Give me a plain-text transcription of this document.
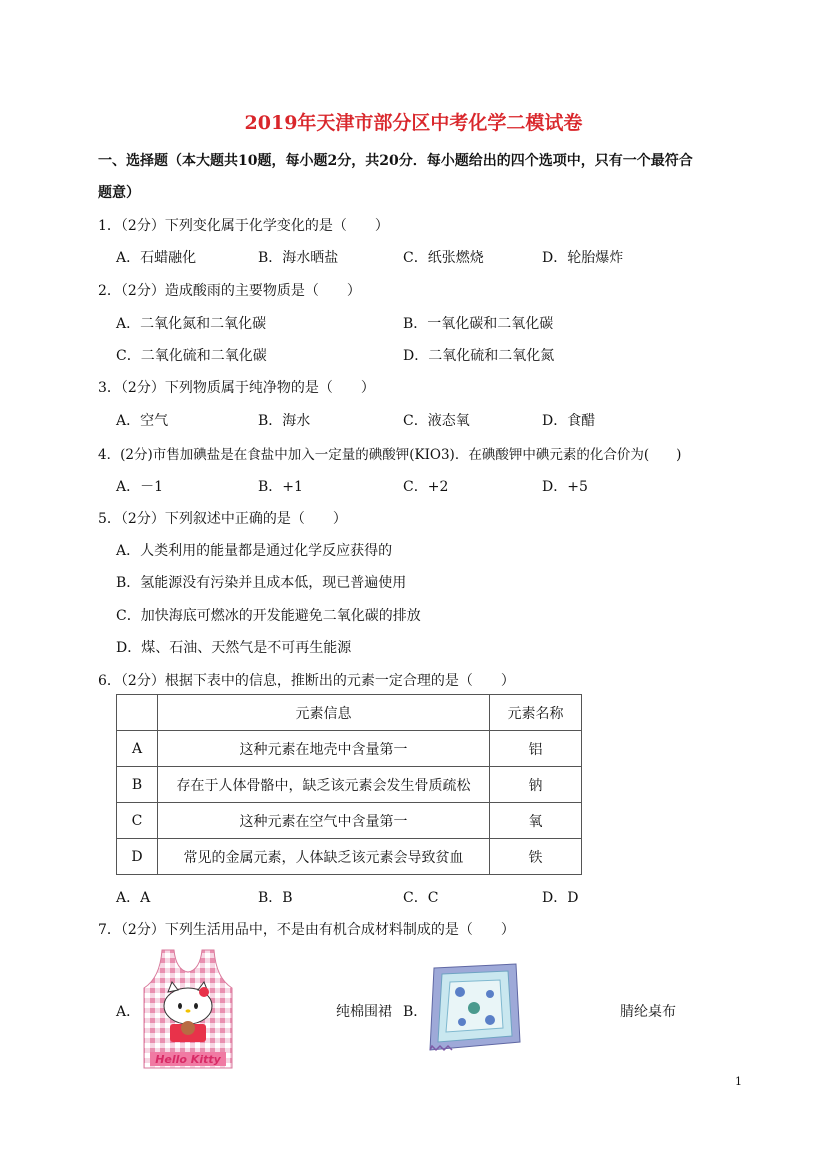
2019年天津市部分区中考化学二模试卷
一、选择题（本大题共10题，每小题2分，共20分．每小题给出的四个选项中，只有一个最符合
题意）
1．（2分）下列变化属于化学变化的是（　　）
A．石蜡融化	B．海水晒盐	C．纸张燃烧	D．轮胎爆炸
2．（2分）造成酸雨的主要物质是（　　）
A．二氧化氮和二氧化碳	B．一氧化碳和二氧化碳
C．二氧化硫和二氧化碳	D．二氧化硫和二氧化氮
3．（2分）下列物质属于纯净物的是（　　）
A．空气	B．海水	C．液态氧	D．食醋
4．(2分)市售加碘盐是在食盐中加入一定量的碘酸钾(KIO3)．在碘酸钾中碘元素的化合价为(　　)
A．－1	B．+1	C．+2	D．+5
5．（2分）下列叙述中正确的是（　　）
A．人类利用的能量都是通过化学反应获得的
B．氢能源没有污染并且成本低，现已普遍使用
C．加快海底可燃冰的开发能避免二氧化碳的排放
D．煤、石油、天然气是不可再生能源
6．（2分）根据下表中的信息，推断出的元素一定合理的是（　　）
	元素信息	元素名称
A	这种元素在地壳中含量第一	铝
B	存在于人体骨骼中，缺乏该元素会发生骨质疏松	钠
C	这种元素在空气中含量第一	氧
D	常见的金属元素，人体缺乏该元素会导致贫血	铁
A．A	B．B	C．C	D．D
7．（2分）下列生活用品中，不是由有机合成材料制成的是（　　）
A．
Hello Kitty
纯棉围裙 B．	腈纶桌布
1
